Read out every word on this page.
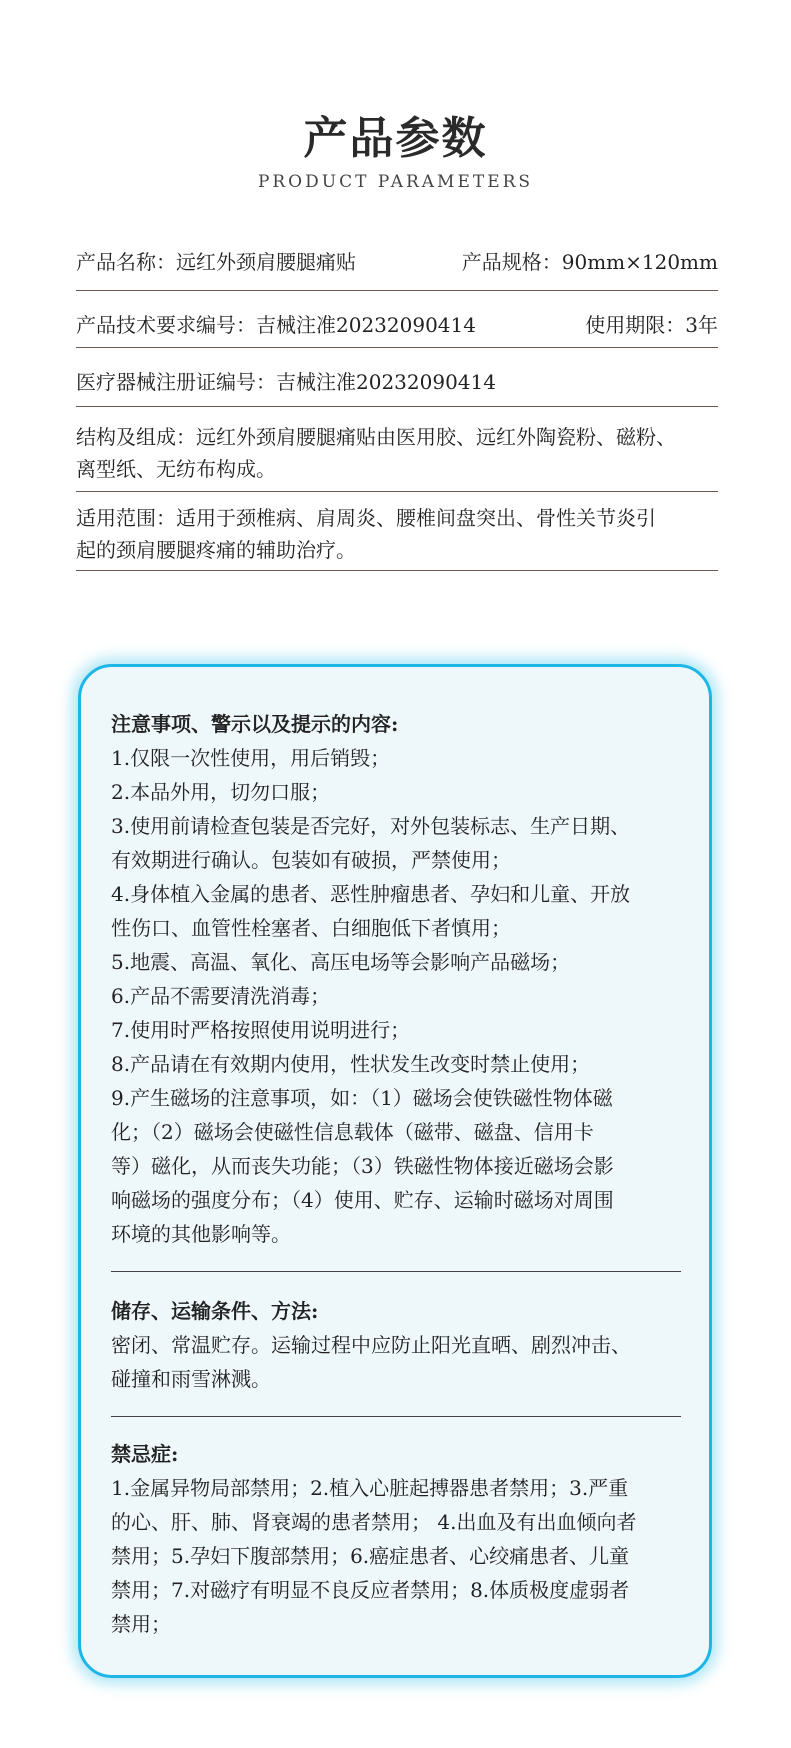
产品参数
PRODUCT PARAMETERS
产品名称：远红外颈肩腰腿痛贴	产品规格：90mm×120mm
产品技术要求编号：吉械注准20232090414	使用期限：3年
医疗器械注册证编号：吉械注准20232090414
结构及组成：远红外颈肩腰腿痛贴由医用胶、远红外陶瓷粉、磁粉、
离型纸、无纺布构成。
适用范围：适用于颈椎病、肩周炎、腰椎间盘突出、骨性关节炎引
起的颈肩腰腿疼痛的辅助治疗。
注意事项、警示以及提示的内容:
1.仅限一次性使用，用后销毁；
2.本品外用，切勿口服；
3.使用前请检查包装是否完好，对外包装标志、生产日期、
有效期进行确认。包装如有破损，严禁使用；
4.身体植入金属的患者、恶性肿瘤患者、孕妇和儿童、开放
性伤口、血管性栓塞者、白细胞低下者慎用；
5.地震、高温、氧化、高压电场等会影响产品磁场；
6.产品不需要清洗消毒；
7.使用时严格按照使用说明进行；
8.产品请在有效期内使用，性状发生改变时禁止使用；
9.产生磁场的注意事项，如：（1）磁场会使铁磁性物体磁
化；（2）磁场会使磁性信息载体（磁带、磁盘、信用卡
等）磁化，从而丧失功能；（3）铁磁性物体接近磁场会影
响磁场的强度分布；（4）使用、贮存、运输时磁场对周围
环境的其他影响等。
储存、运输条件、方法:
密闭、常温贮存。运输过程中应防止阳光直晒、剧烈冲击、
碰撞和雨雪淋溅。
禁忌症:
1.金属异物局部禁用；2.植入心脏起搏器患者禁用；3.严重
的心、肝、肺、肾衰竭的患者禁用； 4.出血及有出血倾向者
禁用；5.孕妇下腹部禁用；6.癌症患者、心绞痛患者、儿童
禁用；7.对磁疗有明显不良反应者禁用；8.体质极度虚弱者
禁用；
